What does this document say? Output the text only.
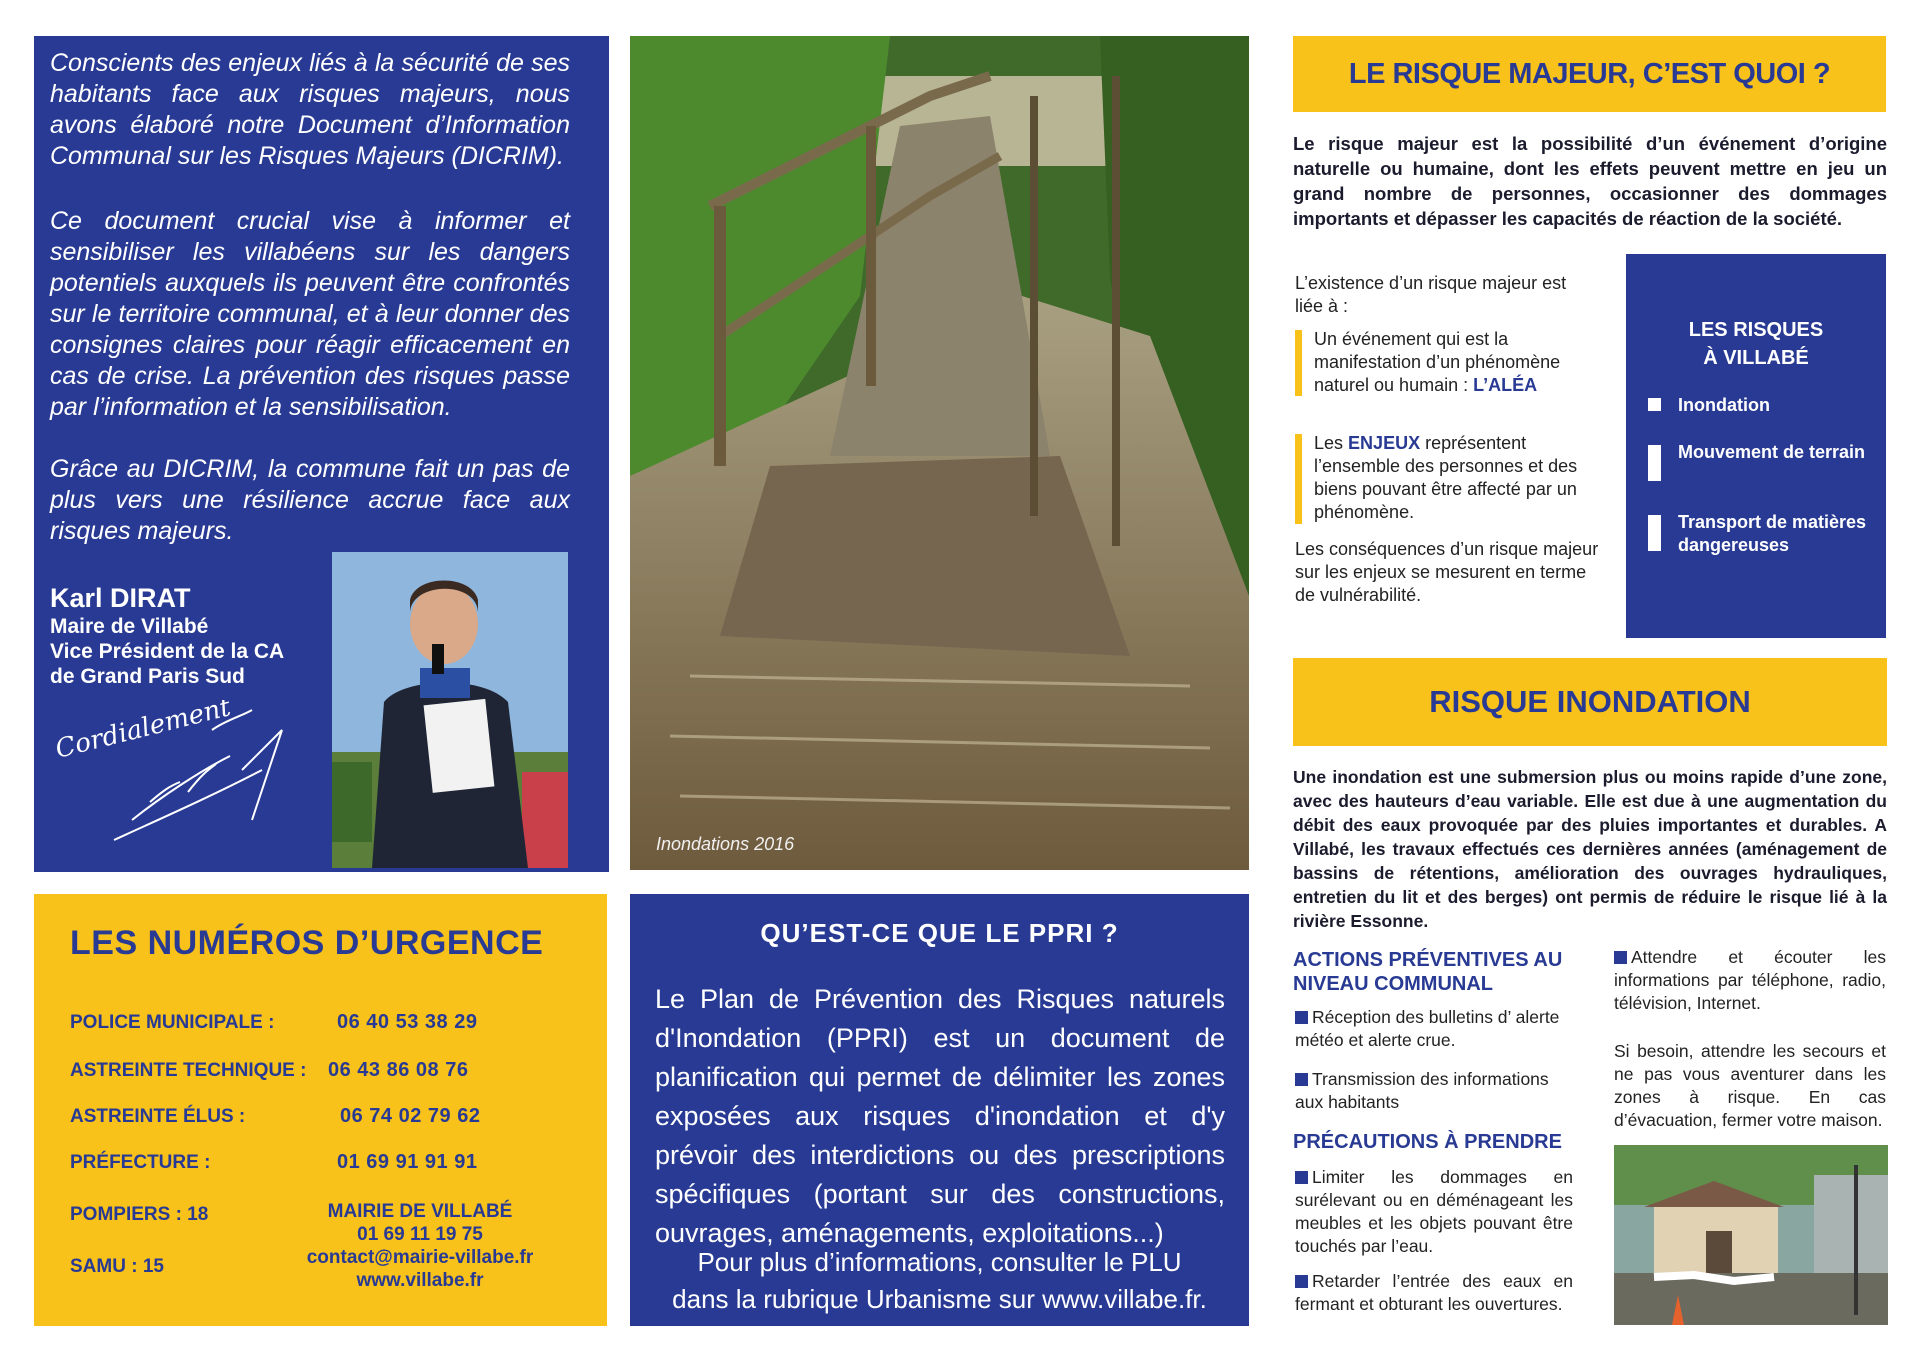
Conscients des enjeux liés à la sécurité de ses habitants face aux risques majeurs, nous avons élaboré notre Document d’Information Communal sur les Risques Majeurs (DICRIM).

Ce document crucial vise à informer et sensibiliser les villabéens sur les dangers potentiels auxquels ils peuvent être confrontés sur le territoire communal, et à leur donner des consignes claires pour réagir efficacement en cas de crise. La prévention des risques passe par l’information et la sensibilisation.

Grâce au DICRIM, la commune fait un pas de plus vers une résilience accrue face aux risques majeurs.

Karl DIRAT
Maire de Villabé
Vice Président de la CA
de Grand Paris Sud
Cordialement
Inondations 2016
LES NUMÉROS D’URGENCE
POLICE MUNICIPALE :	06 40 53 38 29
ASTREINTE TECHNIQUE : 06 43 86 08 76
ASTREINTE ÉLUS :	06 74 02 79 62
PRÉFECTURE :	01 69 91 91 91
POMPIERS : 18
SAMU : 15
MAIRIE DE VILLABÉ
01 69 11 19 75
contact@mairie-villabe.fr
www.villabe.fr
QU’EST-CE QUE LE PPRI ?

Le Plan de Prévention des Risques naturels d'Inondation (PPRI) est un document de planification qui permet de délimiter les zones exposées aux risques d'inondation et d'y prévoir des interdictions ou des prescriptions spécifiques (portant sur des constructions, ouvrages, aménagements, exploitations...)

Pour plus d’informations, consulter le PLU
dans la rubrique Urbanisme sur www.villabe.fr.

LE RISQUE MAJEUR, C’EST QUOI ?

Le risque majeur est la possibilité d’un événement d’origine naturelle ou humaine, dont les effets peuvent mettre en jeu un grand nombre de personnes, occasionner des dommages importants et dépasser les capacités de réaction de la société.

L’existence d’un risque majeur est liée à :

Un événement qui est la manifestation d’un phénomène naturel ou humain : L’ALÉA

Les ENJEUX représentent l’ensemble des personnes et des biens pouvant être affecté par un phénomène.

Les conséquences d’un risque majeur sur les enjeux se mesurent en terme de vulnérabilité.

LES RISQUES
À VILLABÉ
Inondation
Mouvement de terrain
Transport de matières dangereuses
RISQUE INONDATION

Une inondation est une submersion plus ou moins rapide d’une zone, avec des hauteurs d’eau variable. Elle est due à une augmentation du débit des eaux provoquée par des pluies importantes et durables. A Villabé, les travaux effectués ces dernières années (aménagement de bassins de rétentions, amélioration des ouvrages hydrauliques, entretien du lit et des berges) ont permis de réduire le risque lié à la rivière Essonne.

ACTIONS PRÉVENTIVES AU NIVEAU COMMUNAL

Réception des bulletins d’ alerte météo et alerte crue.

Transmission des informations aux habitants

PRÉCAUTIONS À PRENDRE

Limiter les dommages en surélevant ou en déménageant les meubles et les objets pouvant être touchés par l’eau.

Retarder l’entrée des eaux en fermant et obturant les ouvertures.

Attendre et écouter les informations par téléphone, radio, télévision, Internet.

Si besoin, attendre les secours et ne pas vous aventurer dans les zones à risque. En cas d’évacuation, fermer votre maison.
